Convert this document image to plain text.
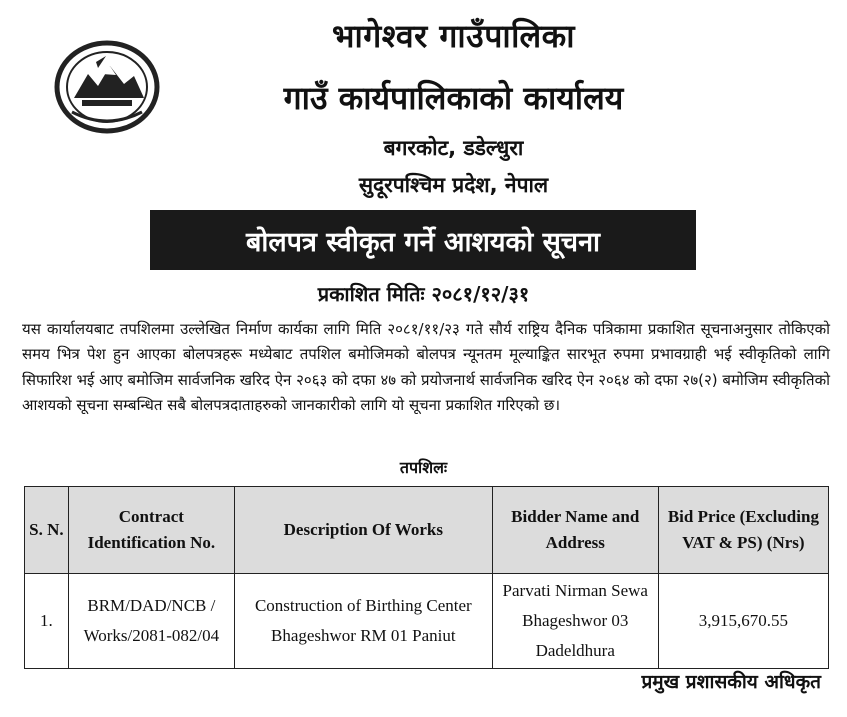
भागेश्वर गाउँपालिका
गाउँ कार्यपालिकाको कार्यालय
बगरकोट, डडेल्धुरा
सुदूरपश्चिम प्रदेश, नेपाल
बोलपत्र स्वीकृत गर्ने आशयको सूचना
प्रकाशित मितिः २०८१/१२/३१

यस कार्यालयबाट तपशिलमा उल्लेखित निर्माण कार्यका लागि मिति २०८१/११/२३ गते सौर्य राष्ट्रिय दैनिक पत्रिकामा प्रकाशित सूचनाअनुसार तोकिएको समय भित्र पेश हुन आएका बोलपत्रहरू मध्येबाट तपशिल बमोजिमको बोलपत्र न्यूनतम मूल्याङ्कित सारभूत रुपमा प्रभावग्राही भई स्वीकृतिको लागि सिफारिश भई आए बमोजिम सार्वजनिक खरिद ऐन २०६३ को दफा ४७ को प्रयोजनार्थ सार्वजनिक खरिद ऐन २०६४ को दफा २७(२) बमोजिम स्वीकृतिको आशयको सूचना सम्बन्धित सबै बोलपत्रदाताहरुको जानकारीको लागि यो सूचना प्रकाशित गरिएको छ।

तपशिलः
S. N.	Contract Identification No.	Description Of Works	Bidder Name and Address	Bid Price (Excluding VAT & PS) (Nrs)
1.	BRM/DAD/NCB / Works/2081-082/04	Construction of Birthing Center Bhageshwor RM 01 Paniut	Parvati Nirman Sewa Bhageshwor 03 Dadeldhura	3,915,670.55
प्रमुख प्रशासकीय अधिकृत
